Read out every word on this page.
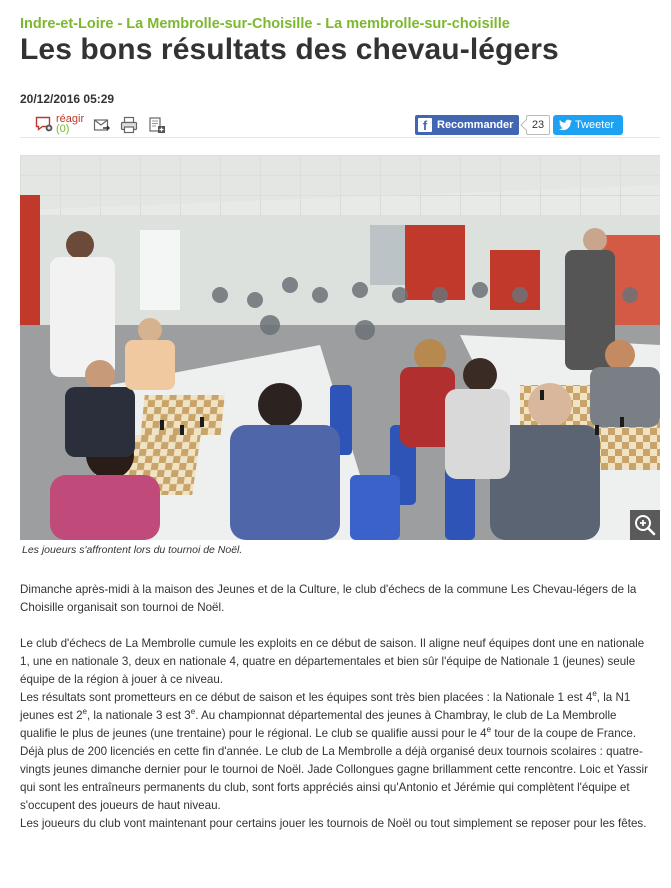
Indre-et-Loire - La Membrolle-sur-Choisille - La membrolle-sur-choisille
Les bons résultats des chevau-légers
20/12/2016 05:29
réagir
(0)	f Recommander	23	Tweeter
Les joueurs s'affrontent lors du tournoi de Noël.

Dimanche après-midi à la maison des Jeunes et de la Culture, le club d'échecs de la commune Les Chevau-légers de la Choisille organisait son tournoi de Noël.

Le club d'échecs de La Membrolle cumule les exploits en ce début de saison. Il aligne neuf équipes dont une en nationale 1, une en nationale 3, deux en nationale 4, quatre en départementales et bien sûr l'équipe de Nationale 1 (jeunes) seule équipe de la région à jouer à ce niveau.

Les résultats sont prometteurs en ce début de saison et les équipes sont très bien placées : la Nationale 1 est 4e, la N1 jeunes est 2e, la nationale 3 est 3e. Au championnat départemental des jeunes à Chambray, le club de La Membrolle qualifie le plus de jeunes (une trentaine) pour le régional. Le club se qualifie aussi pour le 4e tour de la coupe de France.

Déjà plus de 200 licenciés en cette fin d'année. Le club de La Membrolle a déjà organisé deux tournois scolaires : quatre-vingts jeunes dimanche dernier pour le tournoi de Noël. Jade Collongues gagne brillamment cette rencontre. Loic et Yassir qui sont les entraîneurs permanents du club, sont forts appréciés ainsi qu'Antonio et Jérémie qui complètent l'équipe et s'occupent des joueurs de haut niveau.

Les joueurs du club vont maintenant pour certains jouer les tournois de Noël ou tout simplement se reposer pour les fêtes.
